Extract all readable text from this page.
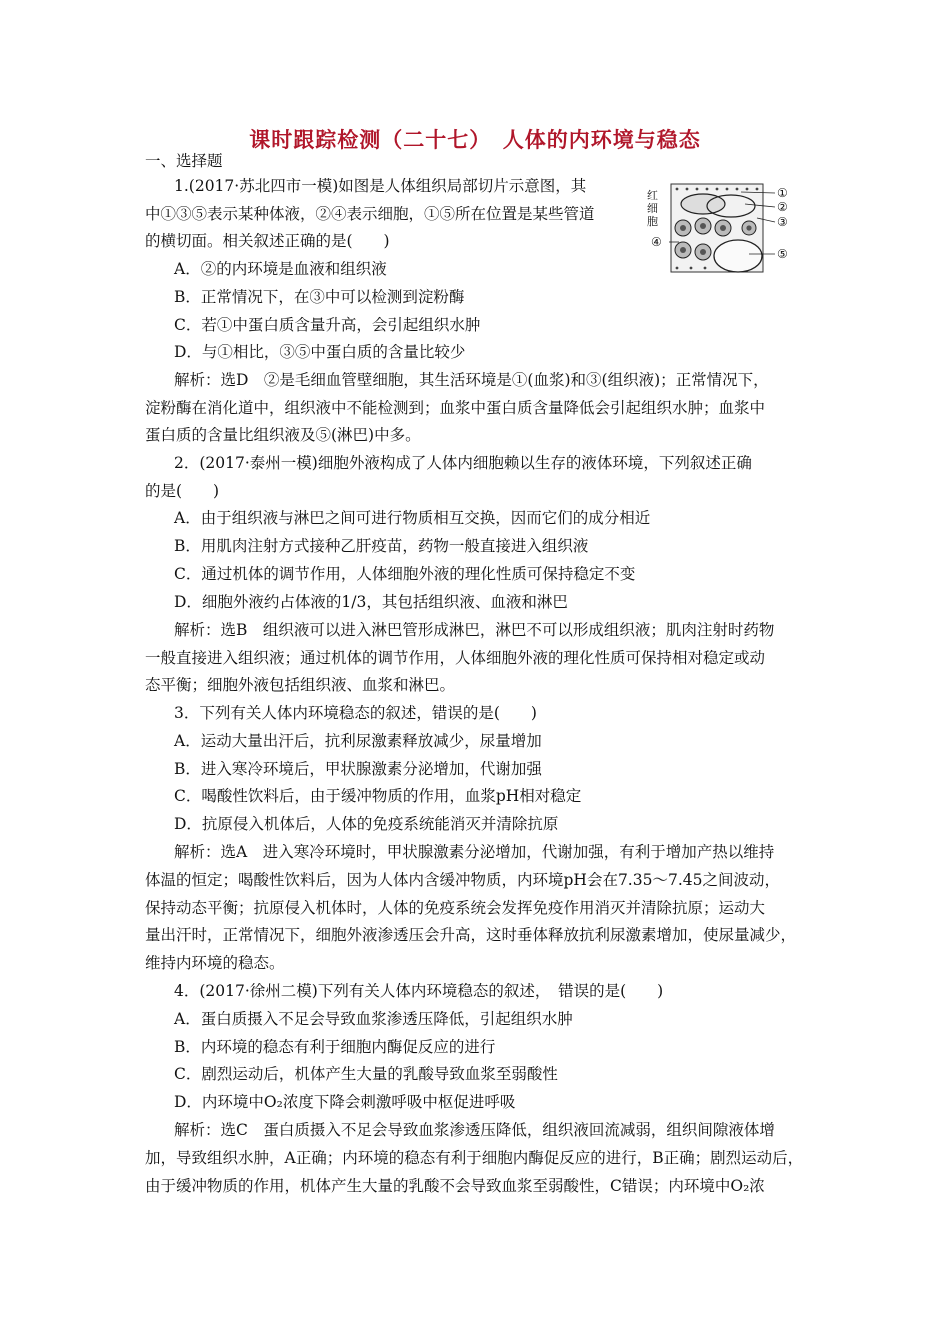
课时跟踪检测（二十七）　人体的内环境与稳态
一、选择题
红
细
胞
①
②
③
④
⑤
1.(2017·苏北四市一模)如图是人体组织局部切片示意图，其
中①③⑤表示某种体液，②④表示细胞，①⑤所在位置是某些管道
的横切面。相关叙述正确的是(　　)
A．②的内环境是血液和组织液
B．正常情况下，在③中可以检测到淀粉酶
C．若①中蛋白质含量升高，会引起组织水肿
D．与①相比，③⑤中蛋白质的含量比较少
解析：选D　②是毛细血管壁细胞，其生活环境是①(血浆)和③(组织液)；正常情况下，
淀粉酶在消化道中，组织液中不能检测到；血浆中蛋白质含量降低会引起组织水肿；血浆中
蛋白质的含量比组织液及⑤(淋巴)中多。
2．(2017·泰州一模)细胞外液构成了人体内细胞赖以生存的液体环境，下列叙述正确
的是(　　)
A．由于组织液与淋巴之间可进行物质相互交换，因而它们的成分相近
B．用肌肉注射方式接种乙肝疫苗，药物一般直接进入组织液
C．通过机体的调节作用，人体细胞外液的理化性质可保持稳定不变
D．细胞外液约占体液的1/3，其包括组织液、血液和淋巴
解析：选B　组织液可以进入淋巴管形成淋巴，淋巴不可以形成组织液；肌肉注射时药物
一般直接进入组织液；通过机体的调节作用，人体细胞外液的理化性质可保持相对稳定或动
态平衡；细胞外液包括组织液、血浆和淋巴。
3．下列有关人体内环境稳态的叙述，错误的是(　　)
A．运动大量出汗后，抗利尿激素释放减少，尿量增加
B．进入寒冷环境后，甲状腺激素分泌增加，代谢加强
C．喝酸性饮料后，由于缓冲物质的作用，血浆pH相对稳定
D．抗原侵入机体后，人体的免疫系统能消灭并清除抗原
解析：选A　进入寒冷环境时，甲状腺激素分泌增加，代谢加强，有利于增加产热以维持
体温的恒定；喝酸性饮料后，因为人体内含缓冲物质，内环境pH会在7.35～7.45之间波动，
保持动态平衡；抗原侵入机体时，人体的免疫系统会发挥免疫作用消灭并清除抗原；运动大
量出汗时，正常情况下，细胞外液渗透压会升高，这时垂体释放抗利尿激素增加，使尿量减少，
维持内环境的稳态。
4．(2017·徐州二模)下列有关人体内环境稳态的叙述，　错误的是(　　)
A．蛋白质摄入不足会导致血浆渗透压降低，引起组织水肿
B．内环境的稳态有利于细胞内酶促反应的进行
C．剧烈运动后，机体产生大量的乳酸导致血浆至弱酸性
D．内环境中O₂浓度下降会刺激呼吸中枢促进呼吸
解析：选C　蛋白质摄入不足会导致血浆渗透压降低，组织液回流减弱，组织间隙液体增
加，导致组织水肿，A正确；内环境的稳态有利于细胞内酶促反应的进行，B正确；剧烈运动后，
由于缓冲物质的作用，机体产生大量的乳酸不会导致血浆至弱酸性，C错误；内环境中O₂浓
